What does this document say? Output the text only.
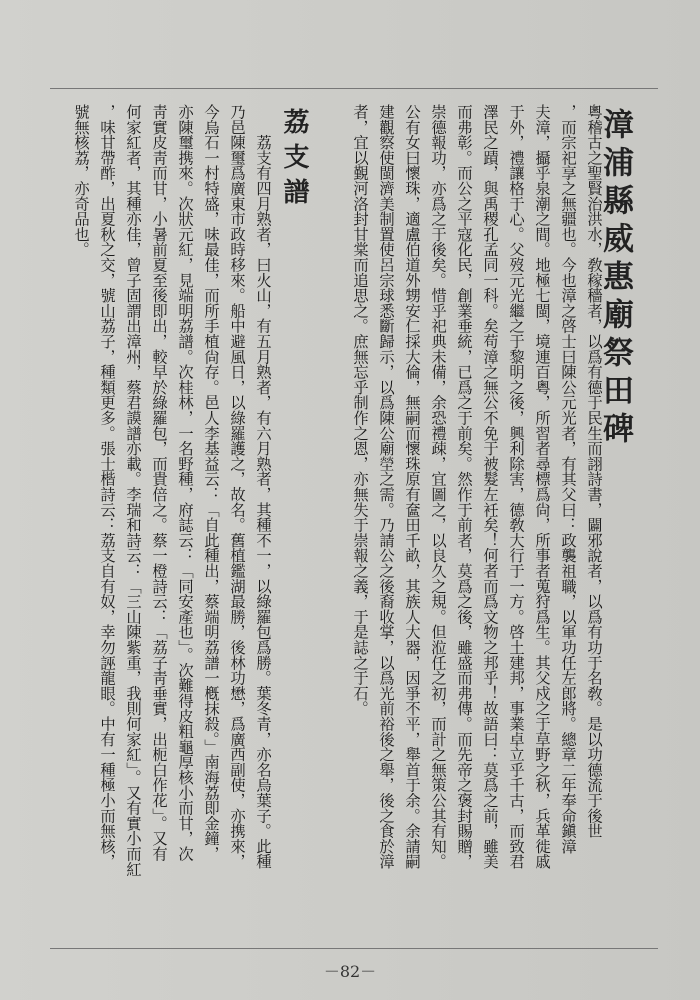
漳浦縣威惠廟祭田碑
粵稽古之聖賢治洪水，敎稼穡者，以爲有德于民生而詡詩書，闢邪說者，以爲有功于名敎。是以功德流于後世
，而宗祀享之無疆也。今也漳之啓士曰陳公元光者，有其父曰：政襲祖職，以軍功任左郎將。總章二年奉命鎭漳
夫漳，攝乎泉潮之間。地極七閩，境連百粤，所習者尋標爲尙，所事者蒐狩爲生。其父戍之于草野之秋，兵革徙戚
于外，禮讓格于心。父歿元光繼之于黎明之後，興利除害，德敎大行于一方。啓土建邦，事業卓立乎千古，而致君
澤民之蹟，與禹稷孔孟同一科。矣苟漳之無公不免于被髮左衽矣！何者而爲文物之邦乎！故語曰：莫爲之前，雖美
而弗彰。而公之平寇化民，創業垂統，已爲之于前矣。然作于前者，莫爲之後，雖盛而弗傳。而先帝之褒封賜贈，
崇德報功，亦爲之于後矣。惜乎祀典未備，余恐禮疎，宜圖之，以良久之規。但涖任之初，而計之無策公其有知。
公有女曰懷珠，適盧伯道外甥安仁採大倫，無嗣而懷珠原有奩田千畝，其族人大器，因爭不平，舉首于余。余請嗣
建觀察使閩濟美制置使呂宗球悉斷歸示，以爲陳公廟塋之需。乃請公之後裔收掌，以爲光前裕後之舉，後之食於漳
者，宜以覲河洛封甘棠而追思之。庶無忘乎制作之恩，亦無失于崇報之義，于是誌之于石。
荔支譜
　　荔支有四月熟者，曰火山，有五月熟者，有六月熟者，其種不一，以綠羅包爲勝。葉冬青，亦名烏葉子。此種
乃邑陳璽爲廣東市政時移來。船中避風日，以綠羅護之，故名。舊植鑑湖最勝，後林功懋，爲廣西副使，亦携來，
今烏石一村特盛，味最佳，而所手植尙存。邑人李基益云：「自此種出，蔡端明荔譜一槪抹殺。」南海荔即金鐘，
亦陳璽携來。次狀元紅，見端明荔譜。次桂林，一名野種，府誌云：「同安產也」。次難得皮粗龜厚核小而甘，次
靑實皮靑而甘，小暑前夏至後即出，較早於綠羅包，而貴倍之。蔡一橙詩云：「荔子靑垂實，出枙白作花」。又有
何家紅者，其種亦佳，曾子固謂出漳州，蔡君謨譜亦載。李瑞和詩云：「三山陳紫重，我則何家紅」。又有實小而紅
，味甘帶酢，出夏秋之交，號山荔子，種類更多。張士楷詩云：荔支自有奴，幸勿誣龍眼。中有一種極小而無核，
號無核荔，亦奇品也。
－82－
